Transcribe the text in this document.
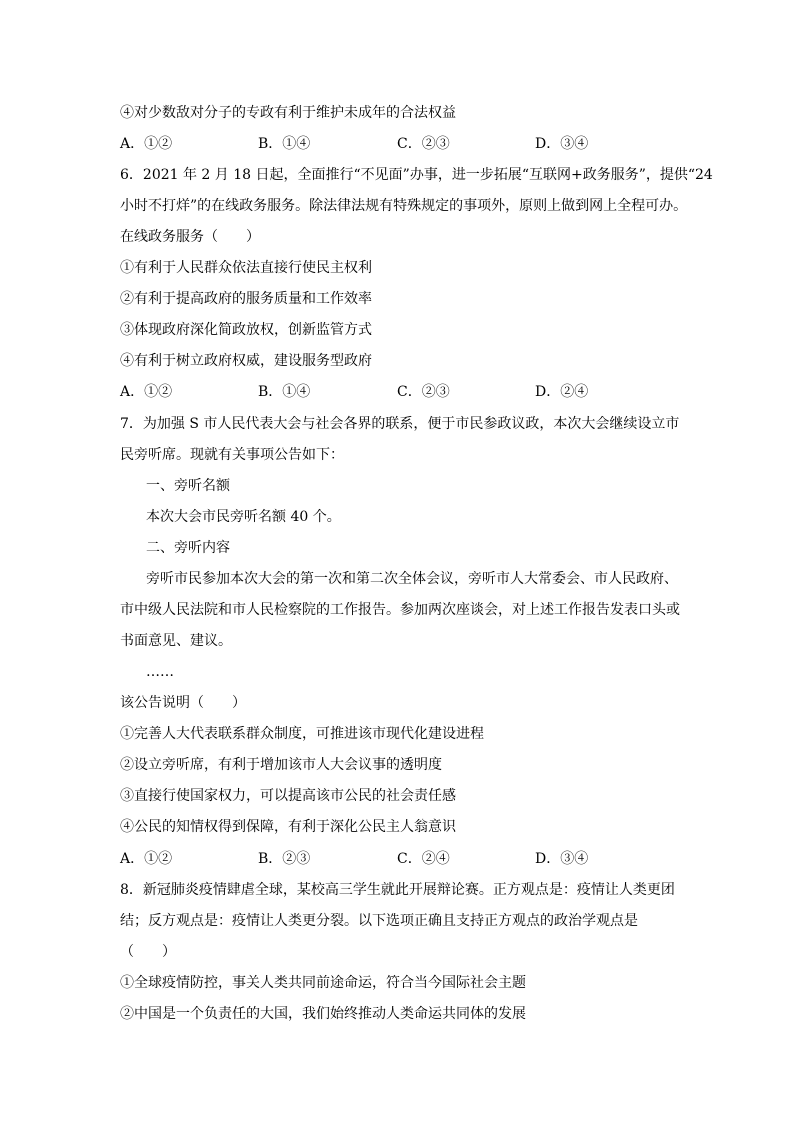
④对少数敌对分子的专政有利于维护未成年的合法权益
A．①②	B．①④	C．②③	D．③④
6．2021 年 2 月 18 日起，全面推行“不见面”办事，进一步拓展“互联网+政务服务”，提供“24
小时不打烊”的在线政务服务。除法律法规有特殊规定的事项外，原则上做到网上全程可办。
在线政务服务（　　）
①有利于人民群众依法直接行使民主权利
②有利于提高政府的服务质量和工作效率
③体现政府深化简政放权，创新监管方式
④有利于树立政府权威，建设服务型政府
A．①②	B．①④	C．②③	D．②④
7．为加强 S 市人民代表大会与社会各界的联系，便于市民参政议政，本次大会继续设立市
民旁听席。现就有关事项公告如下：
一、旁听名额
本次大会市民旁听名额 40 个。
二、旁听内容
旁听市民参加本次大会的第一次和第二次全体会议，旁听市人大常委会、市人民政府、
市中级人民法院和市人民检察院的工作报告。参加两次座谈会，对上述工作报告发表口头或
书面意见、建议。
……
该公告说明（　　）
①完善人大代表联系群众制度，可推进该市现代化建设进程
②设立旁听席，有利于增加该市人大会议事的透明度
③直接行使国家权力，可以提高该市公民的社会责任感
④公民的知情权得到保障，有利于深化公民主人翁意识
A．①②	B．②③	C．②④	D．③④
8．新冠肺炎疫情肆虐全球，某校高三学生就此开展辩论赛。正方观点是：疫情让人类更团
结；反方观点是：疫情让人类更分裂。以下选项正确且支持正方观点的政治学观点是
（　　）
①全球疫情防控，事关人类共同前途命运，符合当今国际社会主题
②中国是一个负责任的大国，我们始终推动人类命运共同体的发展
